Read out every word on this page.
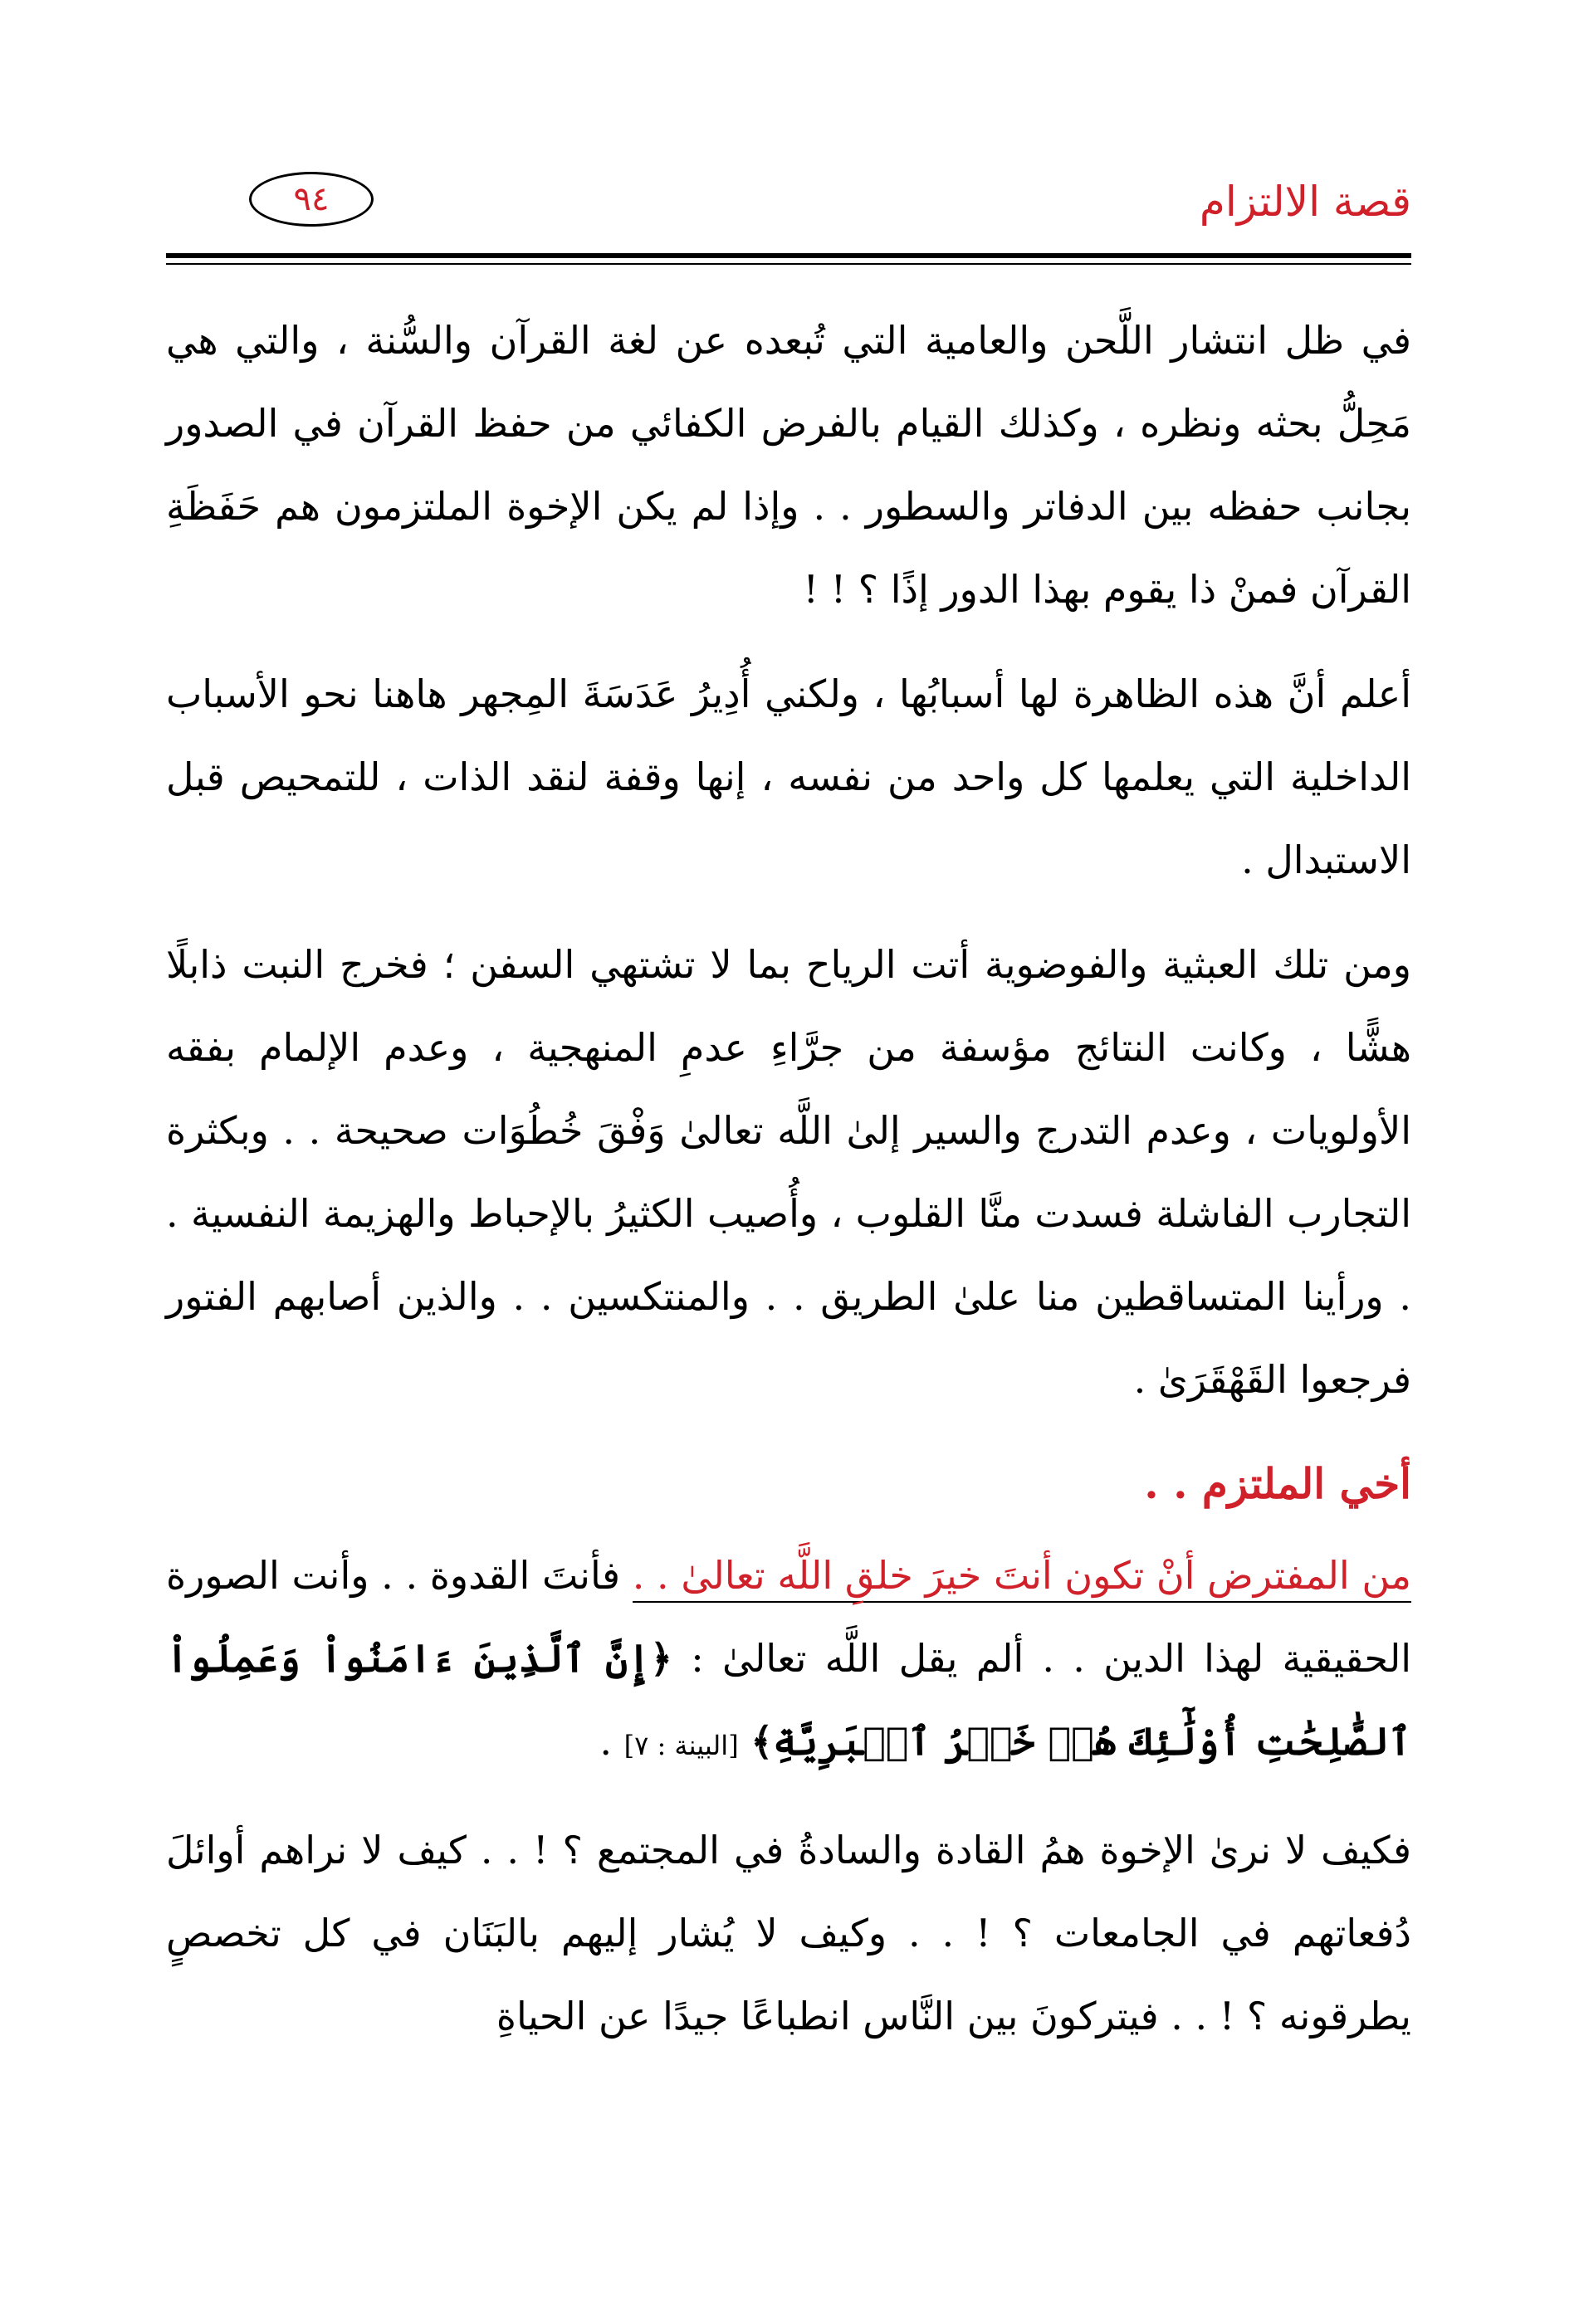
قصة الالتزام
٩٤

في ظل انتشار اللَّحن والعامية التي تُبعده عن لغة القرآن والسُّنة ، والتي هي مَحِلُّ بحثه ونظره ، وكذلك القيام بالفرض الكفائي من حفظ القرآن في الصدور بجانب حفظه بين الدفاتر والسطور . . وإذا لم يكن الإخوة الملتزمون هم حَفَظَةِ القرآن فمنْ ذا يقوم بهذا الدور إذًا ؟ ! !

أعلم أنَّ هذه الظاهرة لها أسبابُها ، ولكني أُدِيرُ عَدَسَةَ المِجهر هاهنا نحو الأسباب الداخلية التي يعلمها كل واحد من نفسه ، إنها وقفة لنقد الذات ، للتمحيص قبل الاستبدال .

ومن تلك العبثية والفوضوية أتت الرياح بما لا تشتهي السفن ؛ فخرج النبت ذابلًا هشًّا ، وكانت النتائج مؤسفة من جرَّاءِ عدمِ المنهجية ، وعدم الإلمام بفقه الأولويات ، وعدم التدرج والسير إلىٰ اللَّه تعالىٰ وَفْقَ خُطُوَات صحيحة . . وبكثرة التجارب الفاشلة فسدت منَّا القلوب ، وأُصيب الكثيرُ بالإحباط والهزيمة النفسية . . ورأينا المتساقطين منا علىٰ الطريق . . والمنتكسين . . والذين أصابهم الفتور فرجعوا القَهْقَرَىٰ .

أخي الملتزم . .

من المفترض أنْ تكون أنتَ خيرَ خلقِ اللَّه تعالىٰ . . فأنتَ القدوة . . وأنت الصورة الحقيقية لهذا الدين . . ألم يقل اللَّه تعالىٰ : ﴿إِنَّ ٱلَّذِينَ ءَامَنُواْ وَعَمِلُواْ ٱلصَّٰلِحَٰتِ أُوْلَٰٓئِكَ هُمۡ خَيۡرُ ٱلۡبَرِيَّةِ﴾ [البينة : ٧] .

فكيف لا نرىٰ الإخوة همُ القادة والسادةُ في المجتمع ؟ ! . . كيف لا نراهم أوائلَ دُفعاتهم في الجامعات ؟ ! . . وكيف لا يُشار إليهم بالبَنَان في كل تخصصٍ يطرقونه ؟ ! . . فيتركونَ بين النَّاس انطباعًا جيدًا عن الحياةِ
